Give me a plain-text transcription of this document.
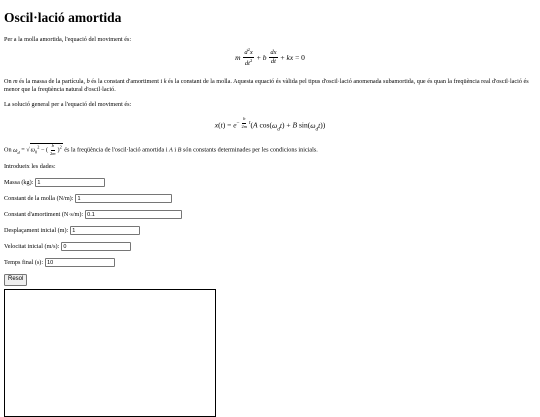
Oscil·lació amortida

Per a la molla amortida, l'equació del moviment és:

m $\frac{d^2x}{dt^2} + b \frac{dx}{dt}$ + kx = 0

On m és la massa de la partícula, b és la constant d'amortiment i k és la constant de la molla. Aquesta equació és vàlida pel tipus d'oscil·lació anomenada subamortida, que és quan la freqüència real d'oscil·lació és menor que la freqüència natural d'oscil·lació.

La solució general per a l'equació del moviment és:

$x(t) = e^{- \frac{b}{2m} t}(A$ $\cos(\omega_dt) + B$ $\sin(\omega_dt)$)

On $\omega_d = √\omega_0^2$ − ( $\frac{b}{2m} )^2$ és la freqüència de l'oscil·lació amortida i A i B són constants determinades per les condicions inicials.

Introdueix les dades:

Massa (kg):
1
Constant de la molla (N/m):
1
Constant d'amortiment (N·s/m):
0.1
Desplaçament inicial (m):
1
Velocitat inicial (m/s):
0
Temps final (s):
10
Resol
